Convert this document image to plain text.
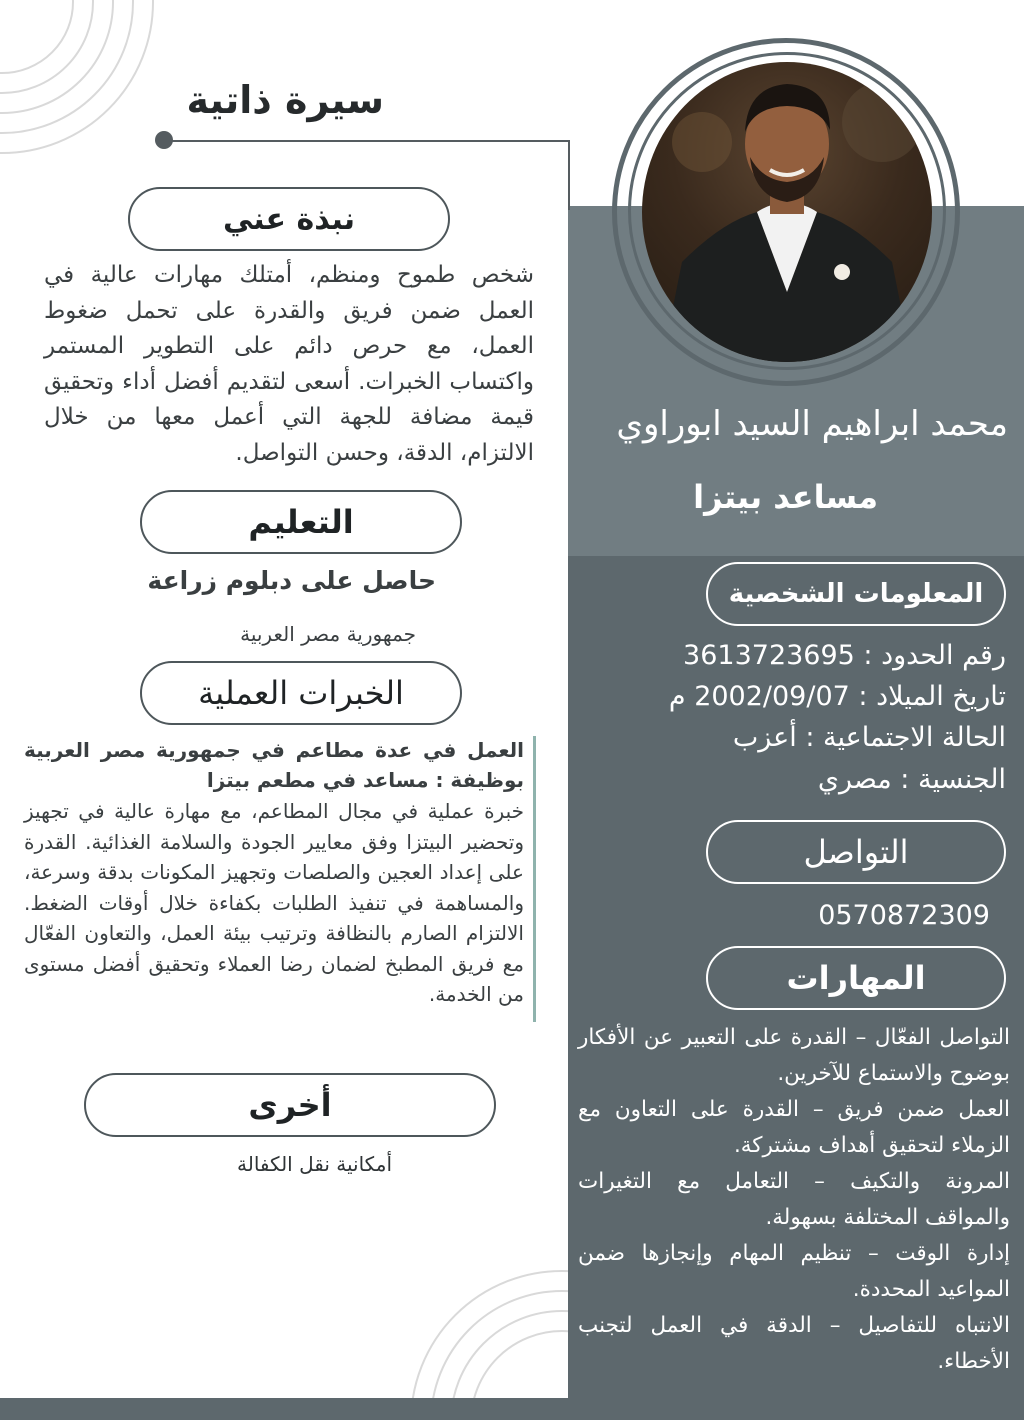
سيرة ذاتية
محمد ابراهيم السيد ابوراوي
مساعد بيتزا
نبذة عني
شخص طموح ومنظم، أمتلك مهارات عالية في العمل ضمن فريق والقدرة على تحمل ضغوط العمل، مع حرص دائم على التطوير المستمر واكتساب الخبرات. أسعى لتقديم أفضل أداء وتحقيق قيمة مضافة للجهة التي أعمل معها من خلال الالتزام، الدقة، وحسن التواصل.
التعليم
حاصل على دبلوم زراعة
جمهورية مصر العربية
الخبرات العملية
العمل في عدة مطاعم في جمهورية مصر العربية
بوظيفة : مساعد في مطعم بيتزا
خبرة عملية في مجال المطاعم، مع مهارة عالية في تجهيز وتحضير البيتزا وفق معايير الجودة والسلامة الغذائية. القدرة على إعداد العجين والصلصات وتجهيز المكونات بدقة وسرعة، والمساهمة في تنفيذ الطلبات بكفاءة خلال أوقات الضغط. الالتزام الصارم بالنظافة وترتيب بيئة العمل، والتعاون الفعّال مع فريق المطبخ لضمان رضا العملاء وتحقيق أفضل مستوى من الخدمة.
أخرى
أمكانية نقل الكفالة
المعلومات الشخصية
رقم الحدود : 3613723695
تاريخ الميلاد : 2002/09/07 م
الحالة الاجتماعية : أعزب
الجنسية : مصري
التواصل
0570872309
المهارات
التواصل الفعّال – القدرة على التعبير عن الأفكار بوضوح والاستماع للآخرين.
العمل ضمن فريق – القدرة على التعاون مع الزملاء لتحقيق أهداف مشتركة.
المرونة والتكيف – التعامل مع التغيرات والمواقف المختلفة بسهولة.
إدارة الوقت – تنظيم المهام وإنجازها ضمن المواعيد المحددة.
الانتباه للتفاصيل – الدقة في العمل لتجنب الأخطاء.
